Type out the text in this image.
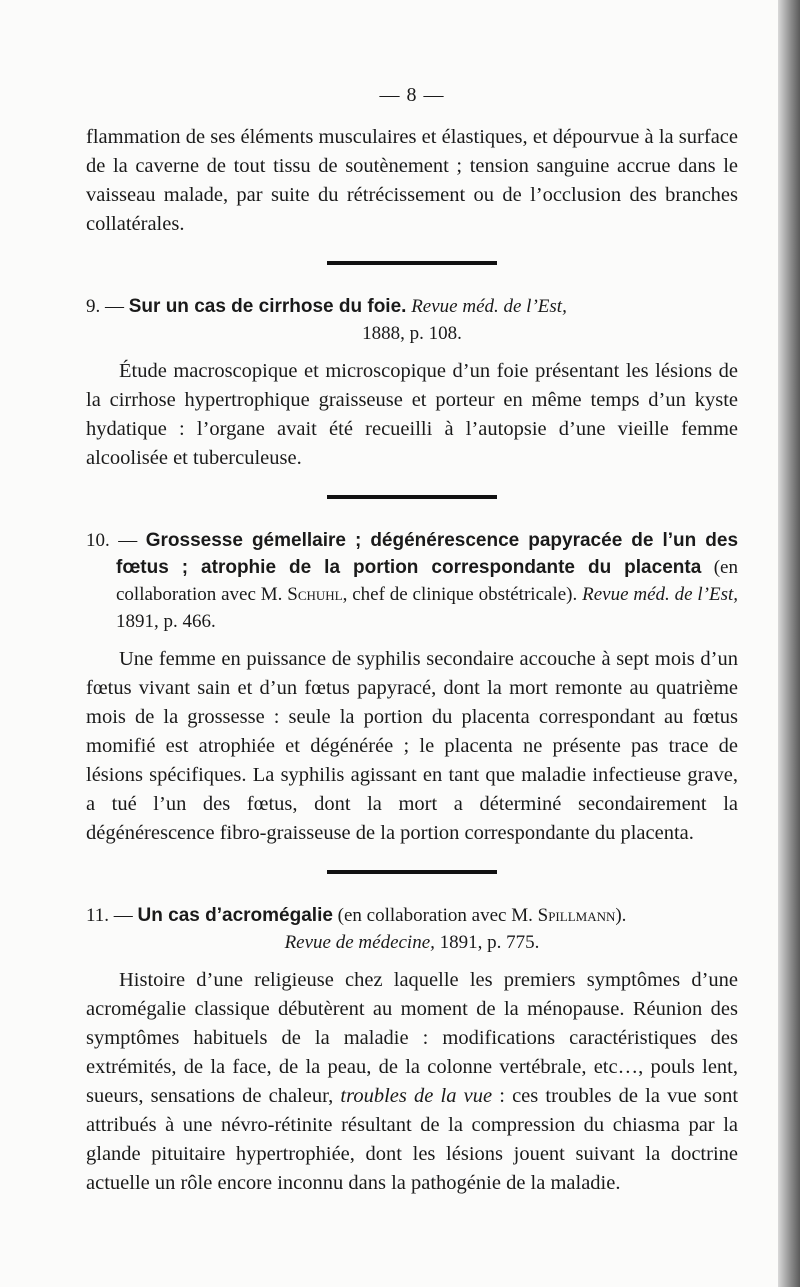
— 8 —

flammation de ses éléments musculaires et élastiques, et dépourvue à la surface de la caverne de tout tissu de soutènement ; tension sanguine accrue dans le vaisseau malade, par suite du rétrécissement ou de l’occlusion des branches collatérales.

9. — Sur un cas de cirrhose du foie. Revue méd. de l’Est,
1888, p. 108.

Étude macroscopique et microscopique d’un foie présentant les lésions de la cirrhose hypertrophique graisseuse et porteur en même temps d’un kyste hydatique : l’organe avait été recueilli à l’autopsie d’une vieille femme alcoolisée et tuberculeuse.

10. — Grossesse gémellaire ; dégénérescence papyracée de l’un des fœtus ; atrophie de la portion correspondante du placenta (en collaboration avec M. Schuhl, chef de clinique obstétricale). Revue méd. de l’Est, 1891, p. 466.

Une femme en puissance de syphilis secondaire accouche à sept mois d’un fœtus vivant sain et d’un fœtus papyracé, dont la mort remonte au quatrième mois de la grossesse : seule la portion du placenta correspondant au fœtus momifié est atrophiée et dégénérée ; le placenta ne présente pas trace de lésions spécifiques. La syphilis agissant en tant que maladie infectieuse grave, a tué l’un des fœtus, dont la mort a déterminé secondairement la dégénérescence fibro-graisseuse de la portion correspondante du placenta.

11. — Un cas d’acromégalie (en collaboration avec M. Spillmann).
Revue de médecine, 1891, p. 775.

Histoire d’une religieuse chez laquelle les premiers symptômes d’une acromégalie classique débutèrent au moment de la ménopause. Réunion des symptômes habituels de la maladie : modifications caractéristiques des extrémités, de la face, de la peau, de la colonne vertébrale, etc…, pouls lent, sueurs, sensations de chaleur, troubles de la vue : ces troubles de la vue sont attribués à une névro-rétinite résultant de la compression du chiasma par la glande pituitaire hypertrophiée, dont les lésions jouent suivant la doctrine actuelle un rôle encore inconnu dans la pathogénie de la maladie.
